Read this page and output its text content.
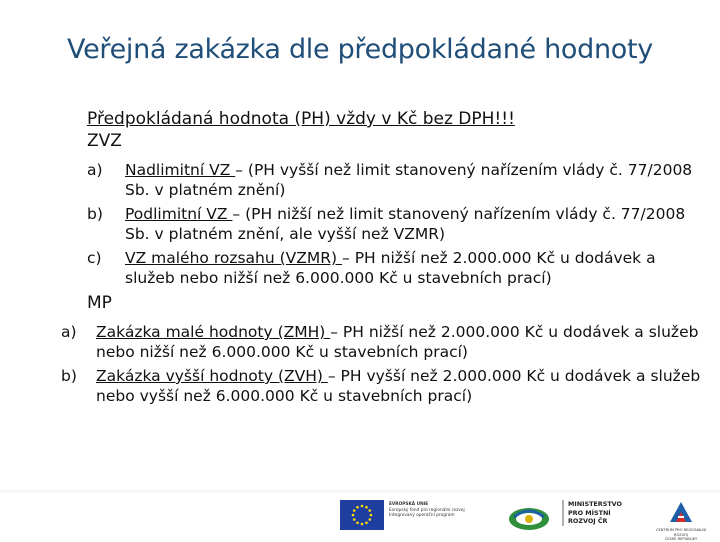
Veřejná zakázka dle předpokládané hodnoty
Předpokládaná hodnota (PH) vždy v Kč bez DPH!!!
ZVZ
a) Nadlimitní VZ – (PH vyšší než limit stanovený nařízením vlády č. 77/2008 Sb. v platném znění)
b) Podlimitní VZ – (PH nižší než limit stanovený nařízením vlády č. 77/2008 Sb. v platném znění, ale vyšší než VZMR)
c) VZ malého rozsahu (VZMR) – PH nižší než 2.000.000 Kč u dodávek a služeb nebo nižší než 6.000.000 Kč u stavebních prací)
MP
a) Zakázka malé hodnoty (ZMH) – PH nižší než 2.000.000 Kč u dodávek a služeb nebo nižší než 6.000.000 Kč u stavebních prací)
b) Zakázka vyšší hodnoty (ZVH) – PH vyšší než 2.000.000 Kč u dodávek a služeb nebo vyšší než 6.000.000 Kč u stavebních prací)
EVROPSKÁ UNIE
Evropský fond pro regionální rozvoj
Integrovaný operační program
MINISTERSTVO
PRO MÍSTNÍ
ROZVOJ ČR
CENTRUM PRO REGIONÁLNÍ ROZVOJ
ČESKÉ REPUBLIKY
